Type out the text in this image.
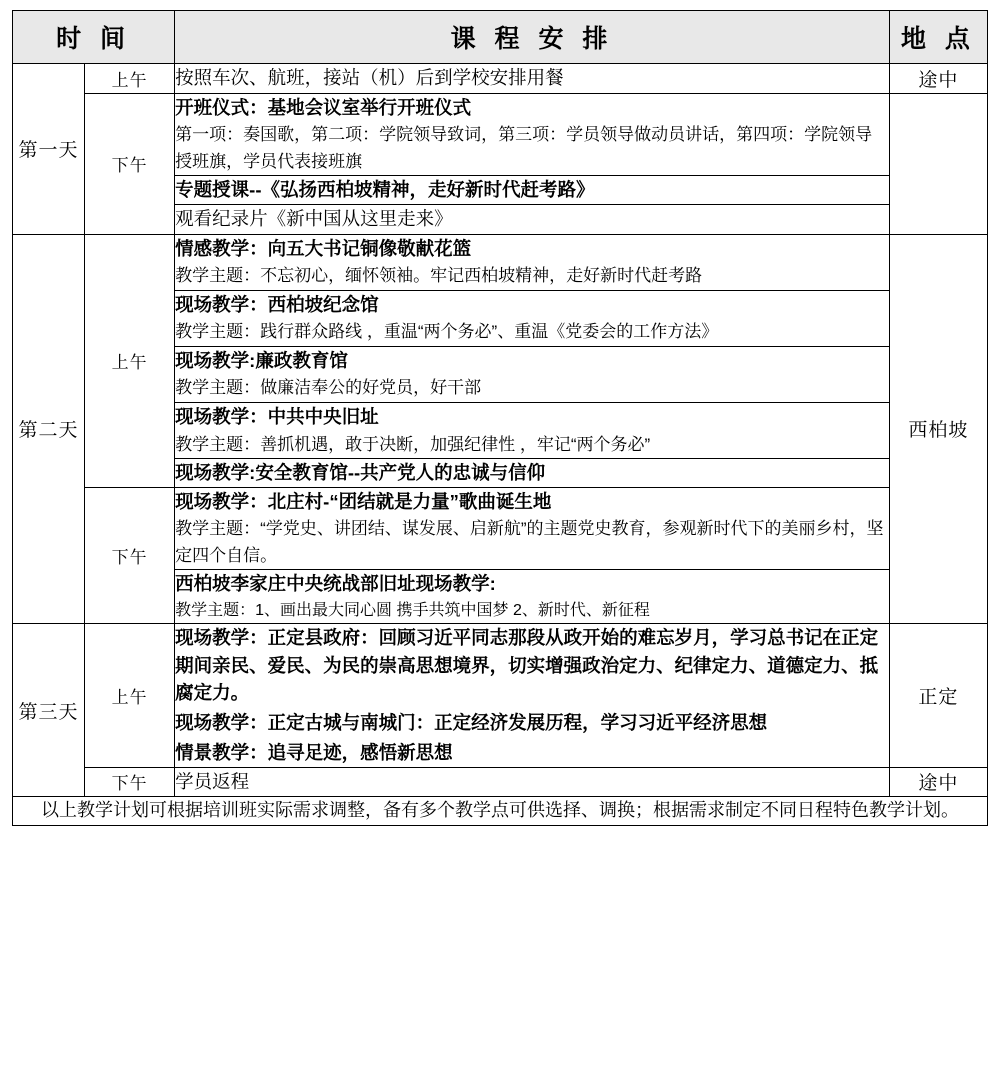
时 间		课 程 安 排	地 点
第一天	上午	按照车次、航班，接站（机）后到学校安排用餐	途中
	下午	开班仪式：基地会议室举行开班仪式
第一项：奏国歌，第二项：学院领导致词，第三项：学员领导做动员讲话，第四项：学院领导授班旗，学员代表接班旗	

		专题授课--《弘扬西柏坡精神，走好新时代赶考路》	

		观看纪录片《新中国从这里走来》	

第二天	上午	情感教学：向五大书记铜像敬献花篮
教学主题：不忘初心，缅怀领袖。牢记西柏坡精神，走好新时代赶考路	西柏坡

		现场教学：西柏坡纪念馆
教学主题：践行群众路线 ，重温“两个务必”、重温《党委会的工作方法》	

		现场教学:廉政教育馆
教学主题：做廉洁奉公的好党员，好干部	

		现场教学：中共中央旧址
教学主题：善抓机遇，敢于决断，加强纪律性 ，牢记“两个务必”	

		现场教学:安全教育馆--共产党人的忠诚与信仰	

	下午	现场教学：北庄村-“团结就是力量”歌曲诞生地
教学主题：“学党史、讲团结、谋发展、启新航”的主题党史教育，参观新时代下的美丽乡村，坚定四个自信。	

		西柏坡李家庄中央统战部旧址现场教学:
教学主题：1、画出最大同心圆 携手共筑中国梦 2、新时代、新征程	

第三天	上午	现场教学：正定县政府：回顾习近平同志那段从政开始的难忘岁月，学习总书记在正定期间亲民、爱民、为民的崇高思想境界，切实增强政治定力、纪律定力、道德定力、抵腐定力。
现场教学：正定古城与南城门：正定经济发展历程，学习习近平经济思想
情景教学：追寻足迹，感悟新思想	正定
	下午	学员返程	途中
以上教学计划可根据培训班实际需求调整，备有多个教学点可供选择、调换；根据需求制定不同日程特色教学计划。			
